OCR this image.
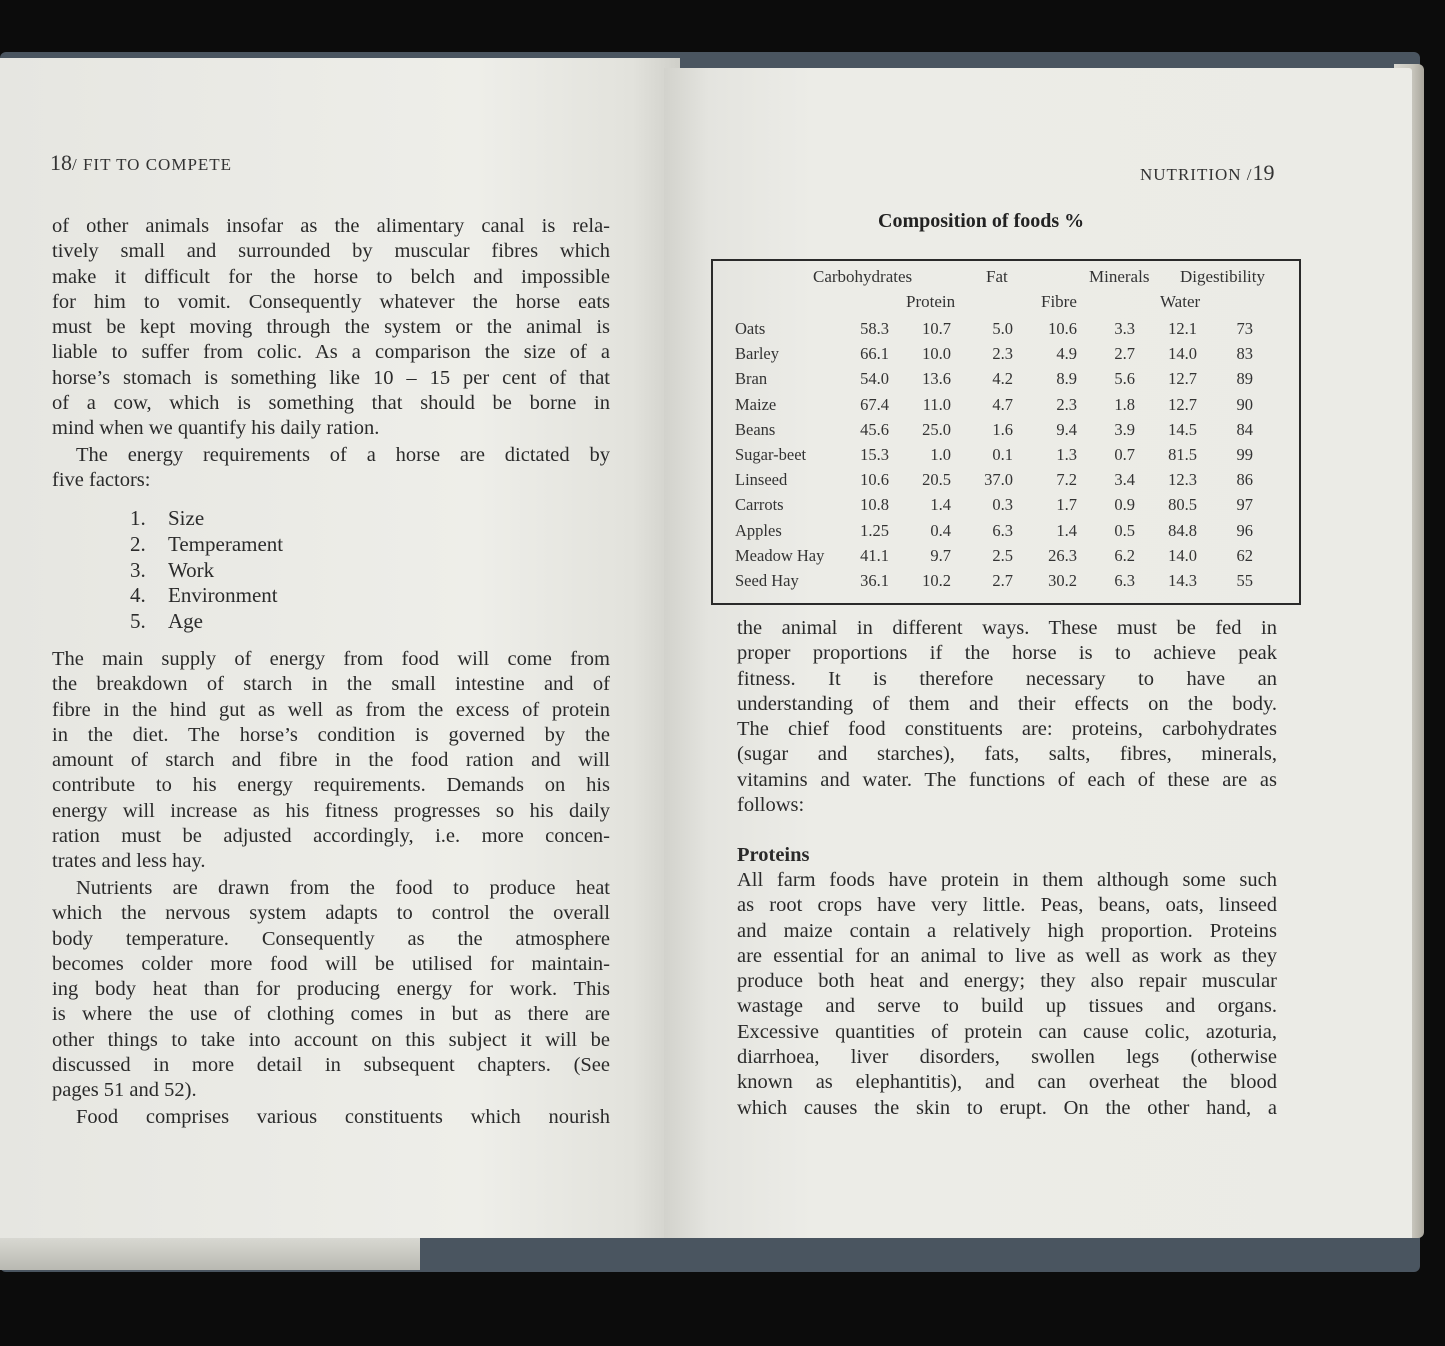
18/ FIT TO COMPETE
of other animals insofar as the alimentary canal is rela-
tively small and surrounded by muscular fibres which
make it difficult for the horse to belch and impossible
for him to vomit. Consequently whatever the horse eats
must be kept moving through the system or the animal is
liable to suffer from colic. As a comparison the size of a
horse’s stomach is something like 10 – 15 per cent of that
of a cow, which is something that should be borne in
mind when we quantify his daily ration.
The energy requirements of a horse are dictated by
five factors:
1. Size
2. Temperament
3. Work
4. Environment
5. Age
The main supply of energy from food will come from
the breakdown of starch in the small intestine and of
fibre in the hind gut as well as from the excess of protein
in the diet. The horse’s condition is governed by the
amount of starch and fibre in the food ration and will
contribute to his energy requirements. Demands on his
energy will increase as his fitness progresses so his daily
ration must be adjusted accordingly, i.e. more concen-
trates and less hay.
Nutrients are drawn from the food to produce heat
which the nervous system adapts to control the overall
body temperature. Consequently as the atmosphere
becomes colder more food will be utilised for maintain-
ing body heat than for producing energy for work. This
is where the use of clothing comes in but as there are
other things to take into account on this subject it will be
discussed in more detail in subsequent chapters. (See
pages 51 and 52).
Food comprises various constituents which nourish
NUTRITION /19
Composition of foods %
Carbohydrates	Fat	Minerals Digestibility
Protein	Fibre	Water
Oats	58.3 10.7	5.0 10.6 3.3 12.1 73
Barley	66.1 10.0	2.3	4.9 2.7 14.0 83
Bran	54.0 13.6	4.2	8.9 5.6 12.7 89
Maize	67.4 11.0	4.7	2.3 1.8 12.7 90
Beans	45.6 25.0	1.6	9.4 3.9 14.5 84
Sugar-beet	15.3	1.0	0.1	1.3 0.7 81.5 99
Linseed	10.6 20.5 37.0	7.2 3.4 12.3 86
Carrots	10.8	1.4	0.3	1.7 0.9 80.5 97
Apples	1.25	0.4	6.3	1.4 0.5 84.8 96
Meadow Hay 41.1	9.7	2.5 26.3 6.2 14.0 62
Seed Hay	36.1 10.2	2.7 30.2 6.3 14.3 55
the animal in different ways. These must be fed in
proper proportions if the horse is to achieve peak
fitness. It is therefore necessary to have an
understanding of them and their effects on the body.
The chief food constituents are: proteins, carbohydrates
(sugar and starches), fats, salts, fibres, minerals,
vitamins and water. The functions of each of these are as
follows:
Proteins
All farm foods have protein in them although some such
as root crops have very little. Peas, beans, oats, linseed
and maize contain a relatively high proportion. Proteins
are essential for an animal to live as well as work as they
produce both heat and energy; they also repair muscular
wastage and serve to build up tissues and organs.
Excessive quantities of protein can cause colic, azoturia,
diarrhoea, liver disorders, swollen legs (otherwise
known as elephantitis), and can overheat the blood
which causes the skin to erupt. On the other hand, a
